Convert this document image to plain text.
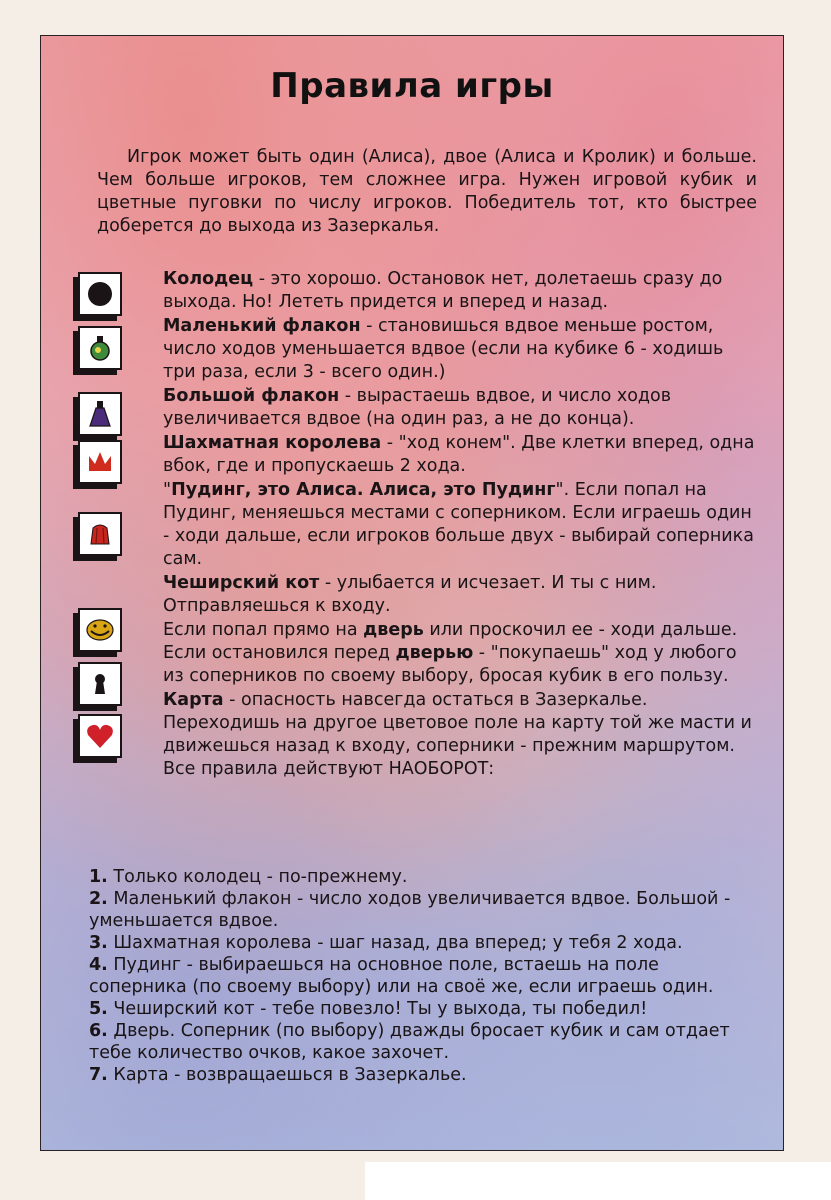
Правила игры
Игрок может быть один (Алиса), двое (Алиса и Кролик) и больше. Чем больше игроков, тем сложнее игра. Нужен игровой кубик и цветные пуговки по числу игроков. Победитель тот, кто быстрее доберется до выхода из Зазеркалья.
Колодец - это хорошо. Остановок нет, долетаешь сразу до выхода. Но! Лететь придется и вперед и назад.
Маленький флакон - становишься вдвое меньше ростом, число ходов уменьшается вдвое (если на кубике 6 - ходишь три раза, если 3 - всего один.)
Большой флакон - вырастаешь вдвое, и число ходов увеличивается вдвое (на один раз, а не до конца).
Шахматная королева - "ход конем". Две клетки вперед, одна вбок, где и пропускаешь 2 хода.
"Пудинг, это Алиса. Алиса, это Пудинг". Если попал на Пудинг, меняешься местами с соперником. Если играешь один - ходи дальше, если игроков больше двух - выбирай соперника сам.
Чеширский кот - улыбается и исчезает. И ты с ним. Отправляешься к входу.
Если попал прямо на дверь или проскочил ее - ходи дальше. Если остановился перед дверью - "покупаешь" ход у любого из соперников по своему выбору, бросая кубик в его пользу.
Карта - опасность навсегда остаться в Зазеркалье. Переходишь на другое цветовое поле на карту той же масти и движешься назад к входу, соперники - прежним маршрутом. Все правила действуют НАОБОРОТ:
1. Только колодец - по-прежнему.
2. Маленький флакон - число ходов увеличивается вдвое. Большой - уменьшается вдвое.
3. Шахматная королева - шаг назад, два вперед; у тебя 2 хода.
4. Пудинг - выбираешься на основное поле, встаешь на поле соперника (по своему выбору) или на своё же, если играешь один.
5. Чеширский кот - тебе повезло! Ты у выхода, ты победил!
6. Дверь. Соперник (по выбору) дважды бросает кубик и сам отдает тебе количество очков, какое захочет.
7. Карта - возвращаешься в Зазеркалье.
